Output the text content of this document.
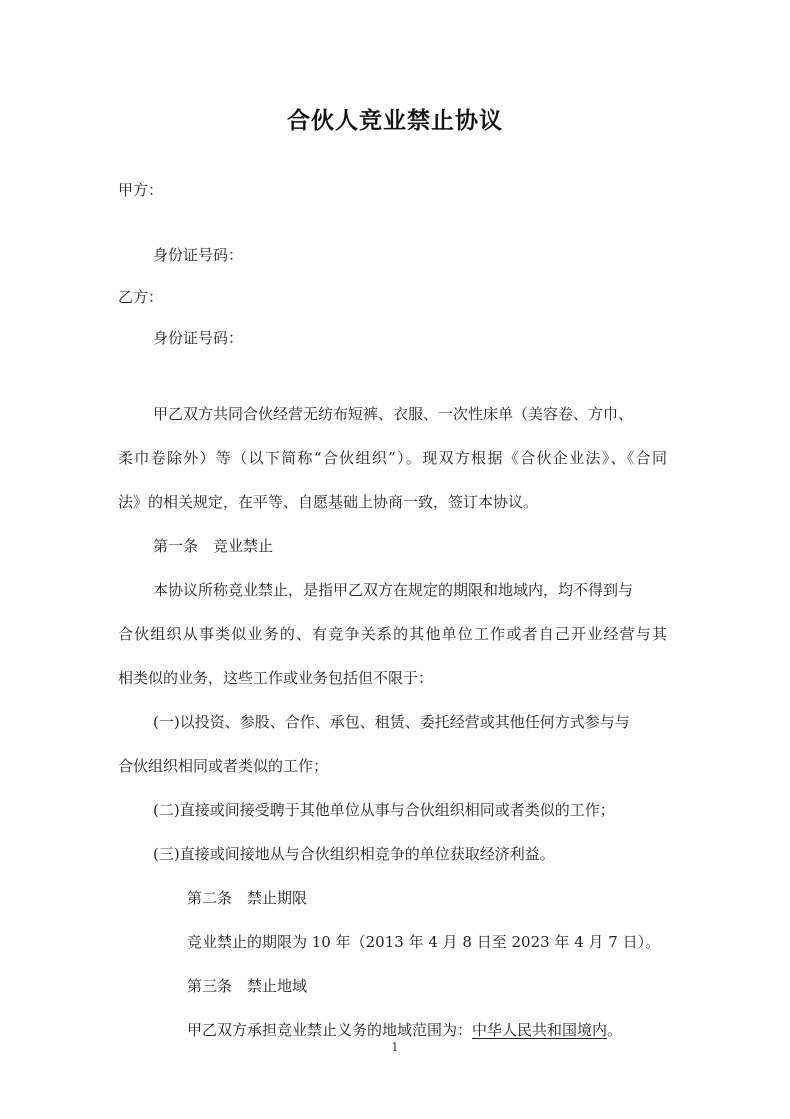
合伙人竞业禁止协议
甲方：
身份证号码：
乙方：
身份证号码：
甲乙双方共同合伙经营无纺布短裤、衣服、一次性床单（美容卷、方巾、
柔巾卷除外）等（以下简称“合伙组织”）。现双方根据《合伙企业法》、《合同
法》的相关规定，在平等、自愿基础上协商一致，签订本协议。
第一条　竞业禁止
本协议所称竞业禁止，是指甲乙双方在规定的期限和地域内，均不得到与
合伙组织从事类似业务的、有竞争关系的其他单位工作或者自己开业经营与其
相类似的业务，这些工作或业务包括但不限于：
(一)以投资、参股、合作、承包、租赁、委托经营或其他任何方式参与与
合伙组织相同或者类似的工作；
(二)直接或间接受聘于其他单位从事与合伙组织相同或者类似的工作；
(三)直接或间接地从与合伙组织相竞争的单位获取经济利益。
第二条　禁止期限
竞业禁止的期限为 10 年（2013 年 4 月 8 日至 2023 年 4 月 7 日）。
第三条　禁止地域
甲乙双方承担竞业禁止义务的地域范围为：中华人民共和国境内。
1
